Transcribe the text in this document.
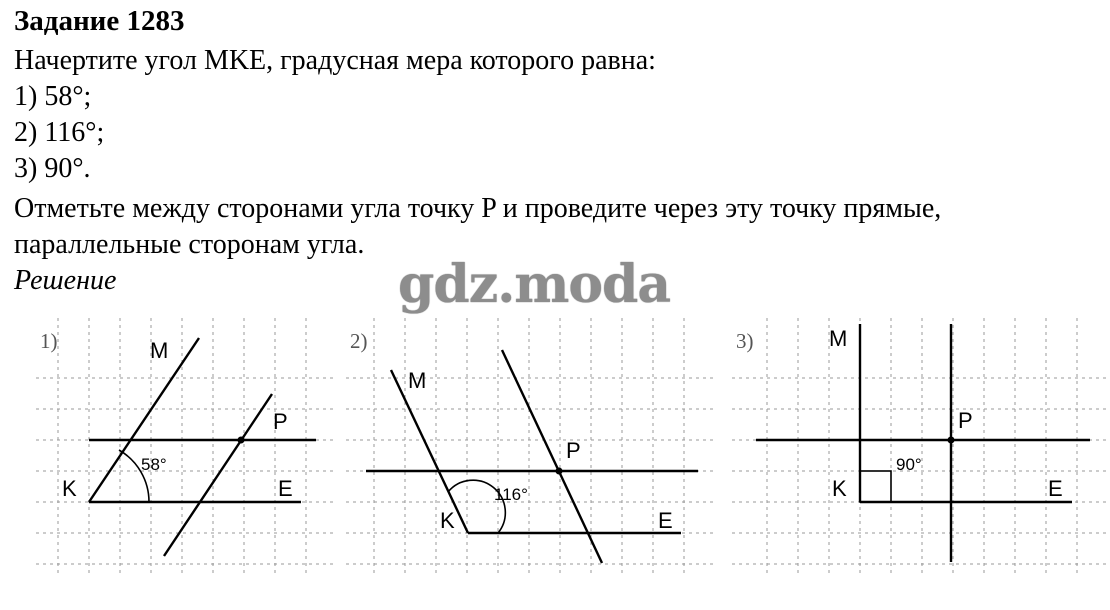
Задание 1283
Начертите угол MKE, градусная мера которого равна:
1) 58°;
2) 116°;
3) 90°.
Отметьте между сторонами угла точку P и проведите через эту точку прямые,
параллельные сторонам угла.
Решение	gdz.moda
1)	M
K	E
P
58°
2)
M
K	E
P
116°
3)	M
K	E
P
90°
